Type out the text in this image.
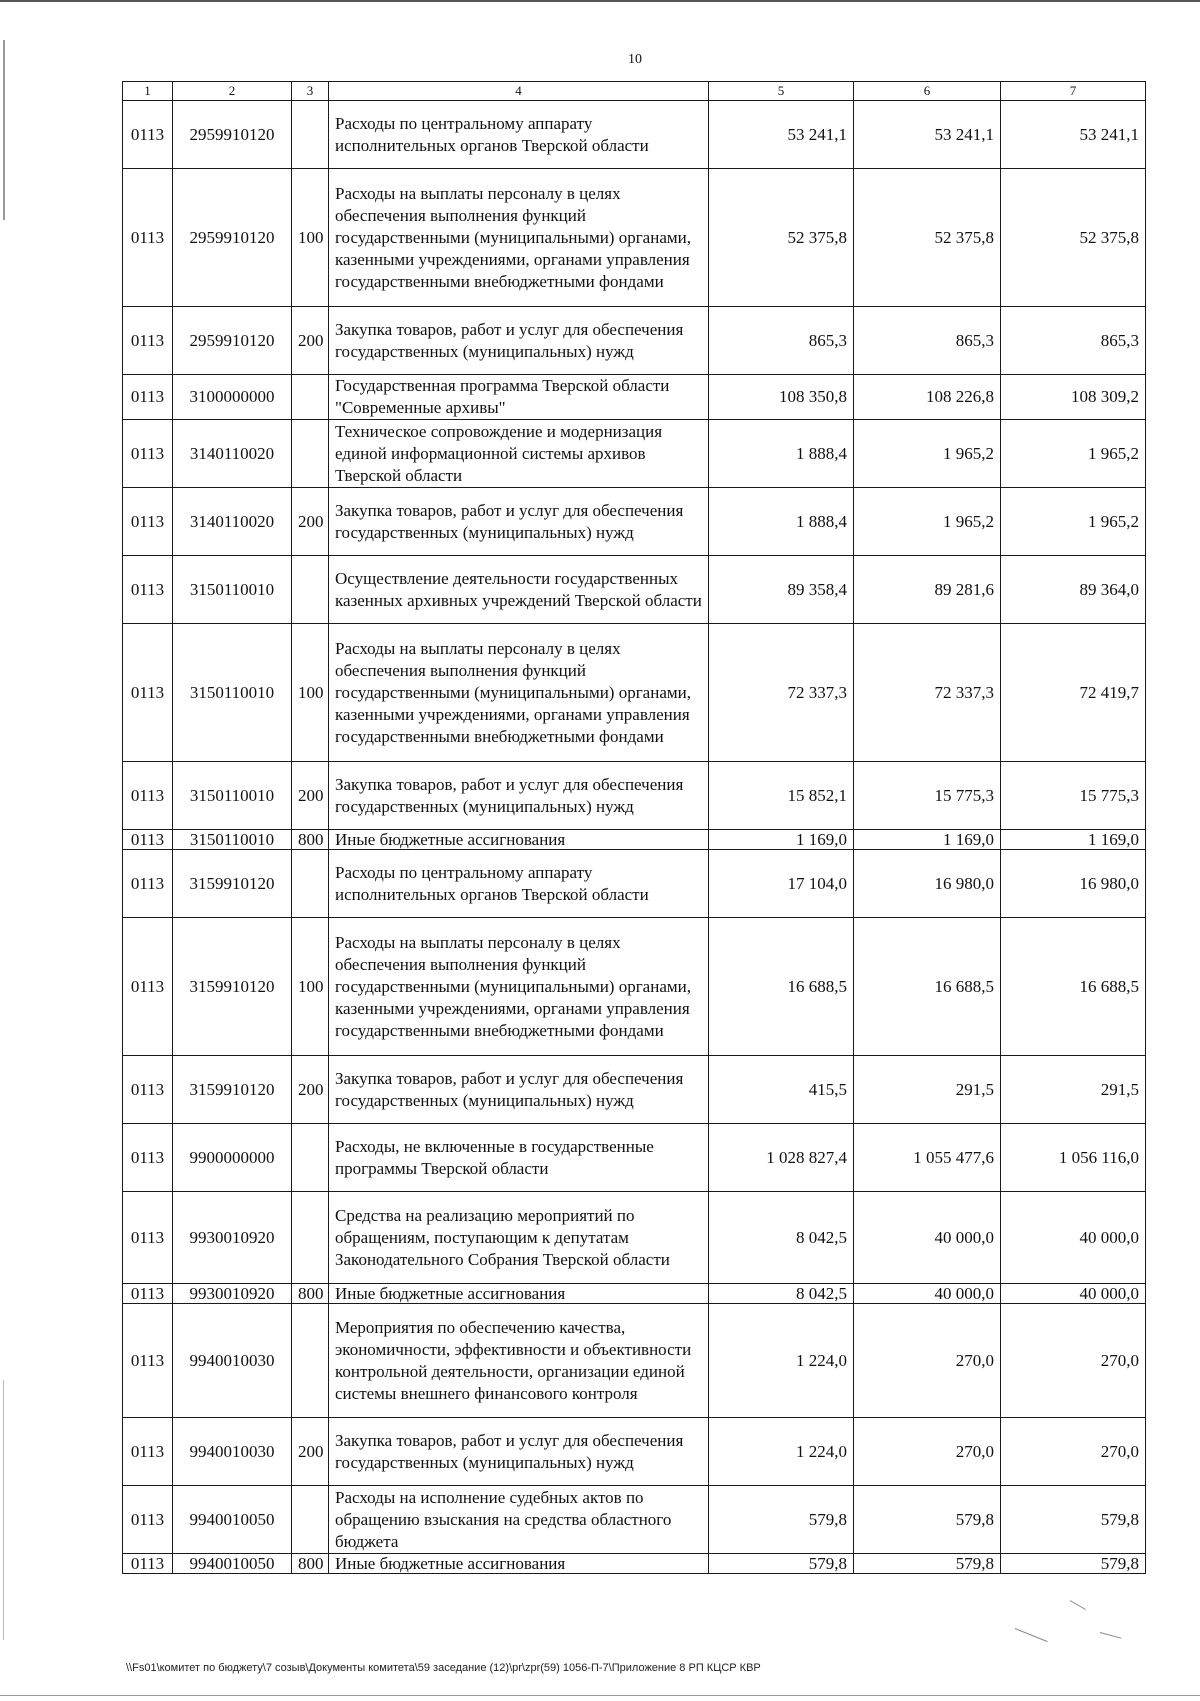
10
1	2	3	4	5	6	7
0113	2959910120		Расходы по центральному аппарату исполнительных органов Тверской области	53 241,1	53 241,1	53 241,1
0113	2959910120	100	Расходы на выплаты персоналу в целях обеспечения выполнения функций государственными (муниципальными) органами, казенными учреждениями, органами управления государственными внебюджетными фондами	52 375,8	52 375,8	52 375,8
0113	2959910120	200	Закупка товаров, работ и услуг для обеспечения государственных (муниципальных) нужд	865,3	865,3	865,3
0113	3100000000		Государственная программа Тверской области "Современные архивы"	108 350,8	108 226,8	108 309,2
0113	3140110020		Техническое сопровождение и модернизация единой информационной системы архивов Тверской области	1 888,4	1 965,2	1 965,2
0113	3140110020	200	Закупка товаров, работ и услуг для обеспечения государственных (муниципальных) нужд	1 888,4	1 965,2	1 965,2
0113	3150110010		Осуществление деятельности государственных казенных архивных учреждений Тверской области	89 358,4	89 281,6	89 364,0
0113	3150110010	100	Расходы на выплаты персоналу в целях обеспечения выполнения функций государственными (муниципальными) органами, казенными учреждениями, органами управления государственными внебюджетными фондами	72 337,3	72 337,3	72 419,7
0113	3150110010	200	Закупка товаров, работ и услуг для обеспечения государственных (муниципальных) нужд	15 852,1	15 775,3	15 775,3
0113	3150110010	800	Иные бюджетные ассигнования	1 169,0	1 169,0	1 169,0
0113	3159910120		Расходы по центральному аппарату исполнительных органов Тверской области	17 104,0	16 980,0	16 980,0
0113	3159910120	100	Расходы на выплаты персоналу в целях обеспечения выполнения функций государственными (муниципальными) органами, казенными учреждениями, органами управления государственными внебюджетными фондами	16 688,5	16 688,5	16 688,5
0113	3159910120	200	Закупка товаров, работ и услуг для обеспечения государственных (муниципальных) нужд	415,5	291,5	291,5
0113	9900000000		Расходы, не включенные в государственные программы Тверской области	1 028 827,4	1 055 477,6	1 056 116,0
0113	9930010920		Средства на реализацию мероприятий по обращениям, поступающим к депутатам Законодательного Собрания Тверской области	8 042,5	40 000,0	40 000,0
0113	9930010920	800	Иные бюджетные ассигнования	8 042,5	40 000,0	40 000,0
0113	9940010030		Мероприятия по обеспечению качества, экономичности, эффективности и объективности контрольной деятельности, организации единой системы внешнего финансового контроля	1 224,0	270,0	270,0
0113	9940010030	200	Закупка товаров, работ и услуг для обеспечения государственных (муниципальных) нужд	1 224,0	270,0	270,0
0113	9940010050		Расходы на исполнение судебных актов по обращению взыскания на средства областного бюджета	579,8	579,8	579,8
0113	9940010050	800	Иные бюджетные ассигнования	579,8	579,8	579,8
\\Fs01\комитет по бюджету\7 созыв\Документы комитета\59 заседание (12)\pr\zpr(59) 1056-П-7\Приложение 8 РП КЦСР КВР
